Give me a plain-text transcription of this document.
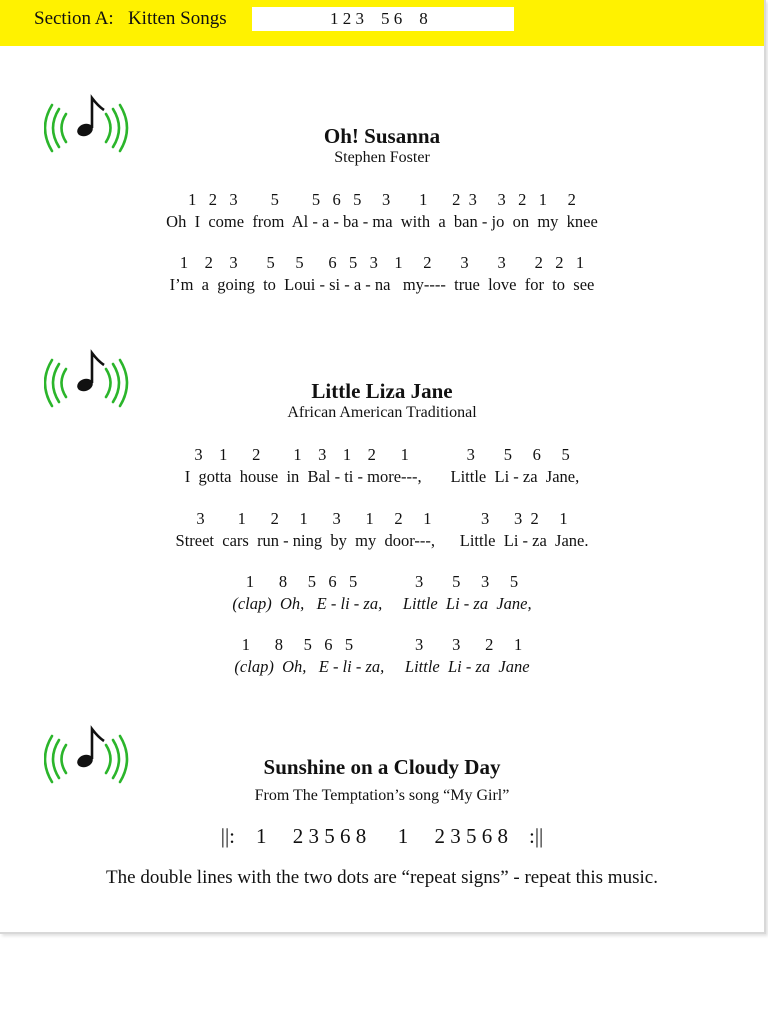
Section A:   Kitten Songs	1 2 3    5 6    8
Oh! Susanna
Stephen Foster
1   2   3        5        5   6   5     3       1      2  3     3   2   1     2
Oh  I  come  from  Al - a - ba - ma  with  a  ban - jo  on  my  knee
1    2    3       5     5      6   5   3    1     2       3       3       2   2   1
I’m  a  going  to  Loui - si - a - na   my----  true  love  for  to  see
Little Liza Jane
African American Traditional
3    1      2        1    3    1    2      1              3       5     6     5
I  gotta  house  in  Bal - ti - more---,       Little  Li - za  Jane,
3        1      2     1      3      1     2     1            3      3  2     1
Street  cars  run - ning  by  my  door---,      Little  Li - za  Jane.
1      8     5   6   5              3       5     3     5
(clap)  Oh,   E - li - za,     Little  Li - za  Jane,
1      8     5   6   5               3       3      2     1
(clap)  Oh,   E - li - za,     Little  Li - za  Jane
Sunshine on a Cloudy Day
From The Temptation’s song “My Girl”
||:    1     2 3 5 6 8      1     2 3 5 6 8    :||
The double lines with the two dots are “repeat signs” - repeat this music.
